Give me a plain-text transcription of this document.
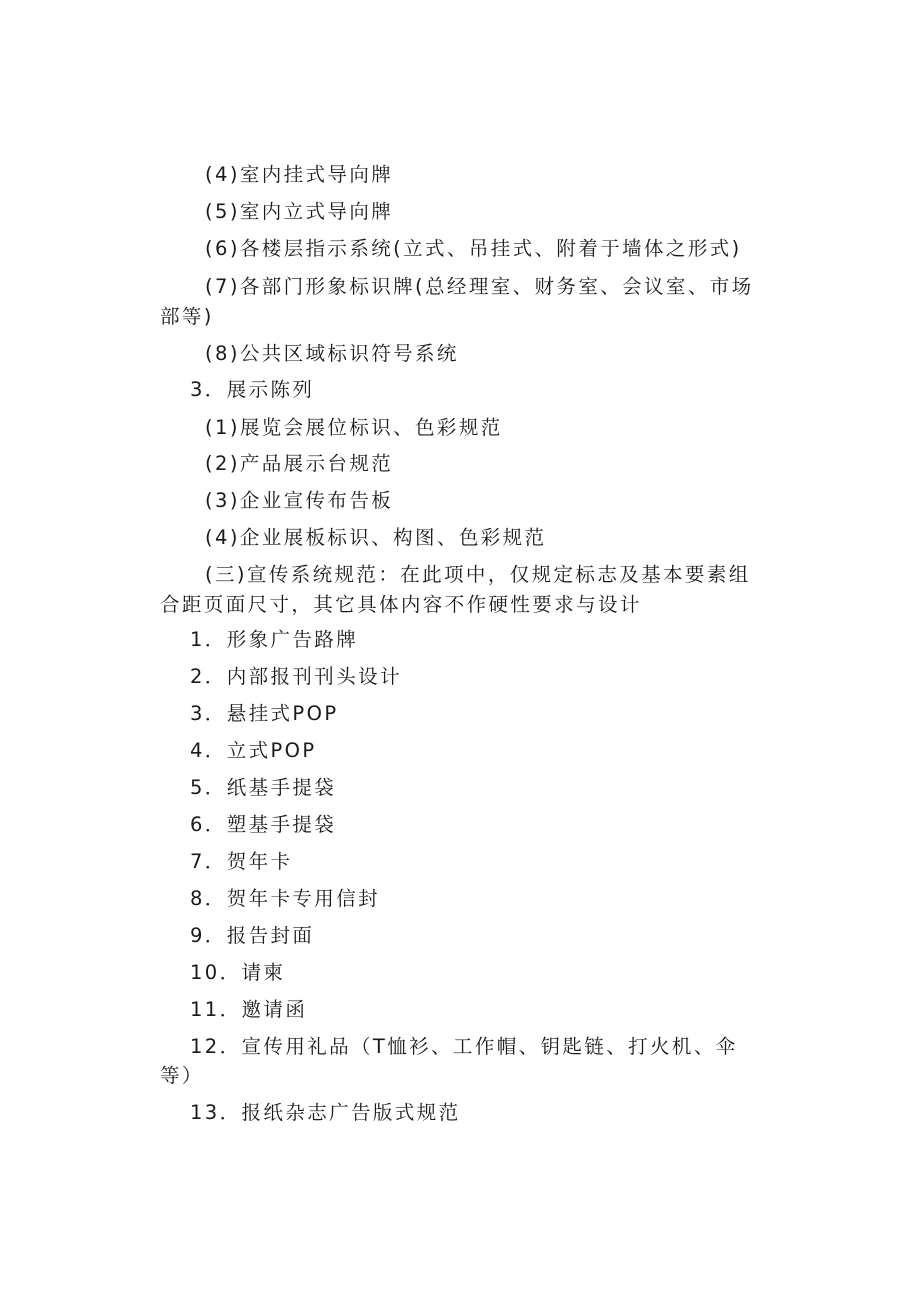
(4)室内挂式导向牌
(5)室内立式导向牌
(6)各楼层指示系统(立式、吊挂式、附着于墙体之形式)
(7)各部门形象标识牌(总经理室、财务室、会议室、市场
部等)
(8)公共区域标识符号系统
3．展示陈列
(1)展览会展位标识、色彩规范
(2)产品展示台规范
(3)企业宣传布告板
(4)企业展板标识、构图、色彩规范
(三)宣传系统规范：在此项中，仅规定标志及基本要素组
合距页面尺寸，其它具体内容不作硬性要求与设计
1．形象广告路牌
2．内部报刊刊头设计
3．悬挂式POP
4．立式POP
5．纸基手提袋
6．塑基手提袋
7．贺年卡
8．贺年卡专用信封
9．报告封面
10．请柬
11．邀请函
12．宣传用礼品（T恤衫、工作帽、钥匙链、打火机、伞
等）
13．报纸杂志广告版式规范
